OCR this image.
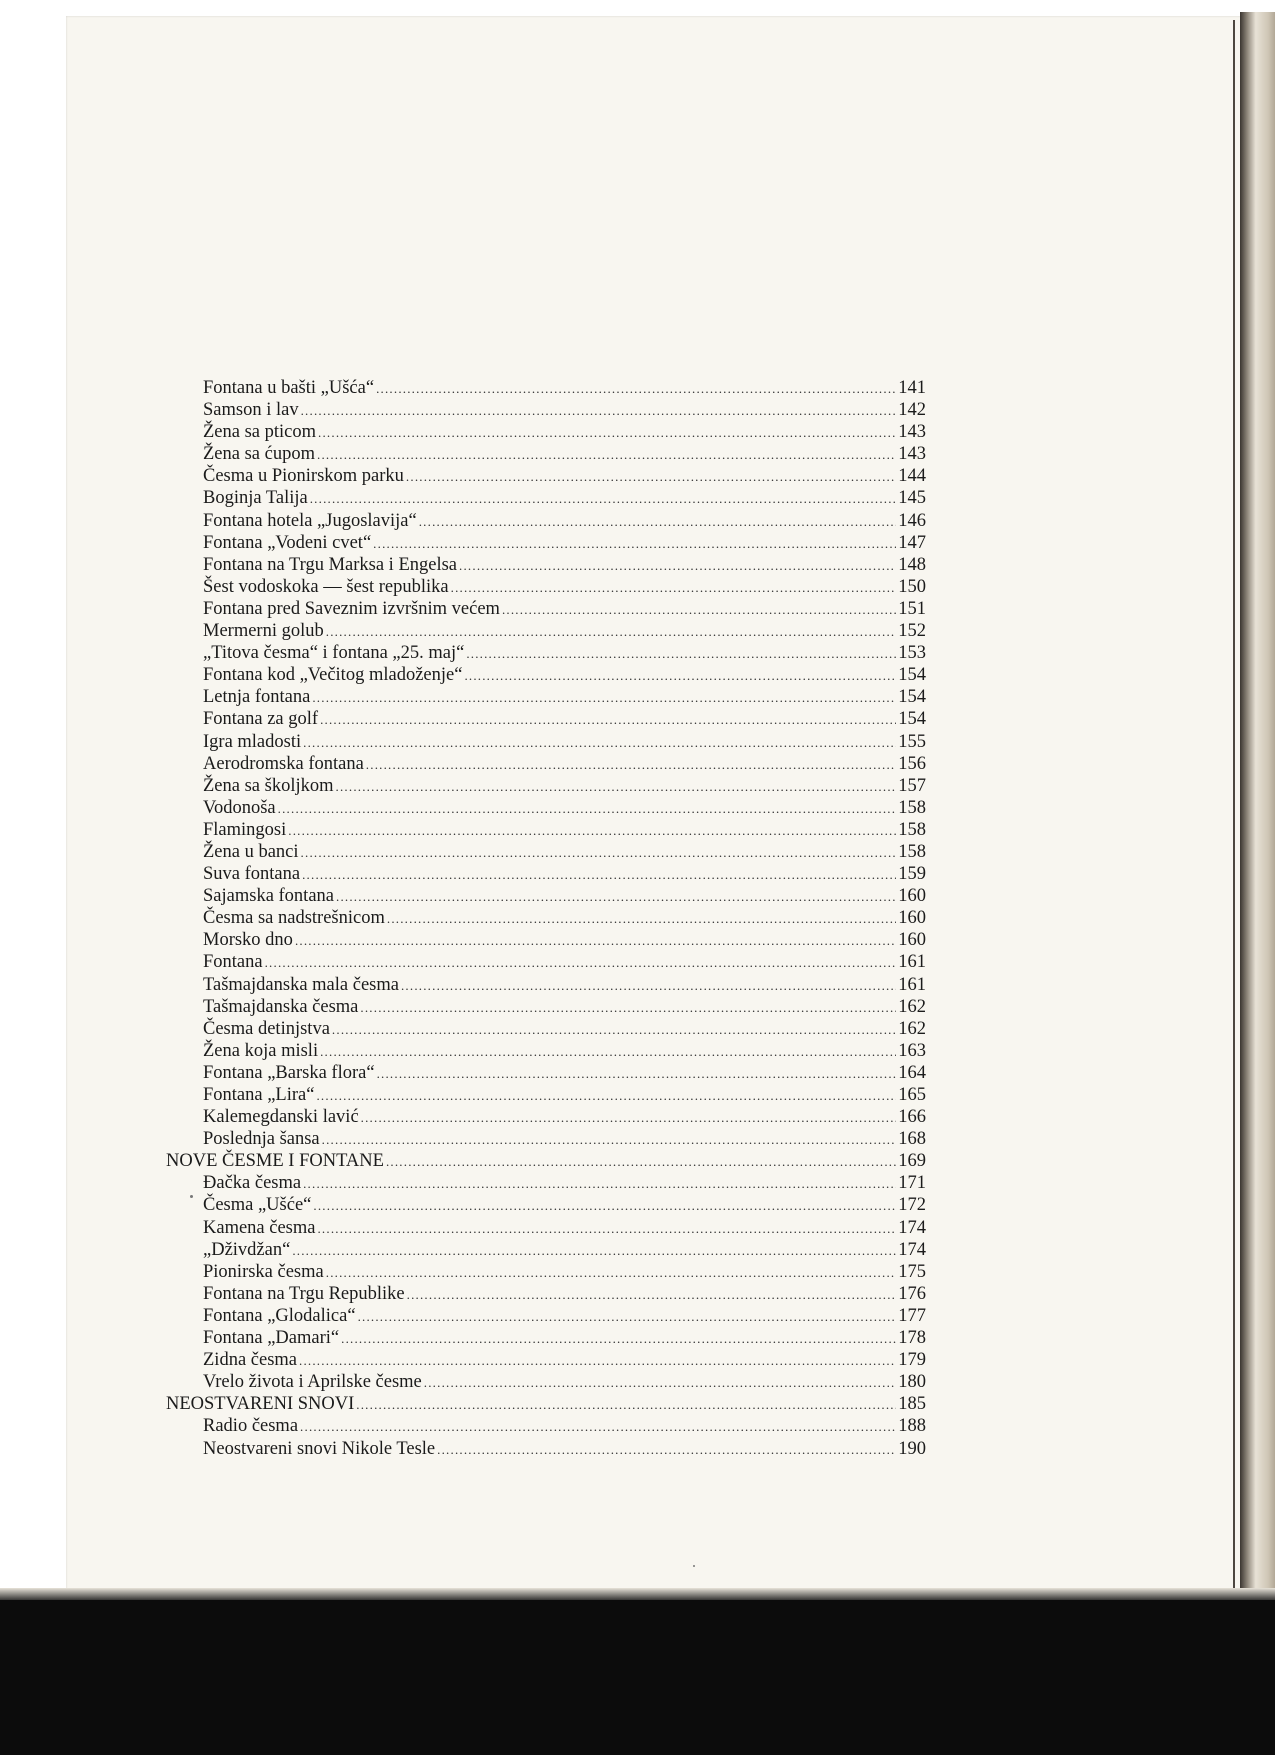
Fontana u bašti „Ušća“ .....	141
Samson i lav .....	142
Žena sa pticom .....	143
Žena sa ćupom .....	143
Česma u Pionirskom parku .....	144
Boginja Talija .....	145
Fontana hotela „Jugoslavija“ .....	146
Fontana „Vodeni cvet“ .....	147
Fontana na Trgu Marksa i Engelsa .....	148
Šest vodoskoka — šest republika .....	150
Fontana pred Saveznim izvršnim većem .....	151
Mermerni golub .....	152
„Titova česma“ i fontana „25. maj“ .....	153
Fontana kod „Večitog mladoženje“ .....	154
Letnja fontana .....	154
Fontana za golf .....	154
Igra mladosti .....	155
Aerodromska fontana .....	156
Žena sa školjkom .....	157
Vodonoša .....	158
Flamingosi .....	158
Žena u banci .....	158
Suva fontana .....	159
Sajamska fontana .....	160
Česma sa nadstrešnicom .....	160
Morsko dno .....	160
Fontana .....	161
Tašmajdanska mala česma .....	161
Tašmajdanska česma .....	162
Česma detinjstva .....	162
Žena koja misli .....	163
Fontana „Barska flora“ .....	164
Fontana „Lira“ .....	165
Kalemegdanski lavić .....	166
Poslednja šansa .....	168
NOVE ČESME I FONTANE .....	169
Đačka česma .....	171
Česma „Ušće“ .....	172
Kamena česma .....	174
„Dživdžan“ .....	174
Pionirska česma .....	175
Fontana na Trgu Republike .....	176
Fontana „Glodalica“ .....	177
Fontana „Damari“ .....	178
Zidna česma .....	179
Vrelo života i Aprilske česme .....	180
NEOSTVARENI SNOVI .....	185
Radio česma .....	188
Neostvareni snovi Nikole Tesle .....	190
